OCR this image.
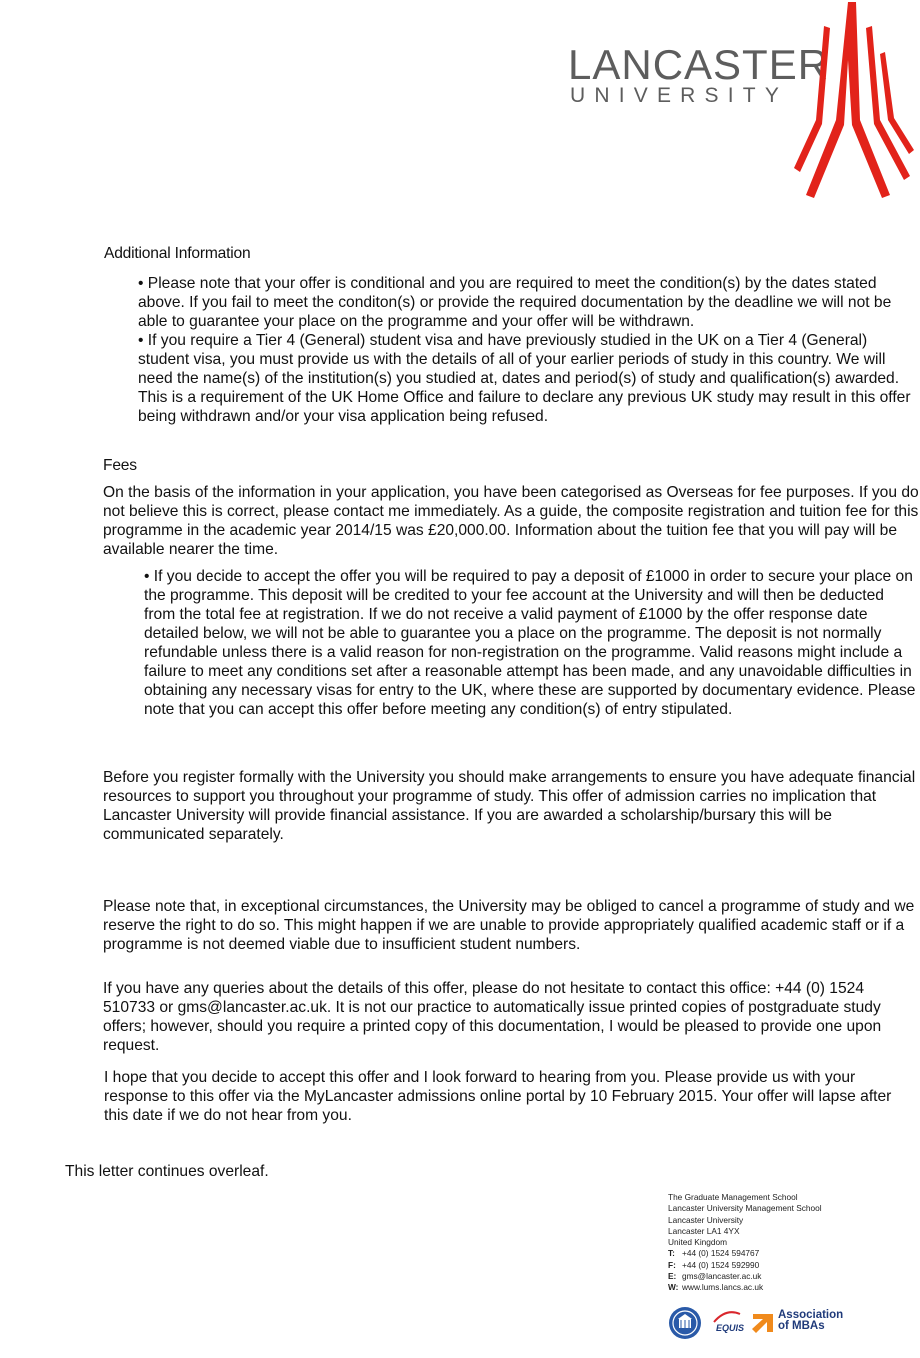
LANCASTER
UNIVERSITY
Additional Information

• Please note that your offer is conditional and you are required to meet the condition(s) by the dates stated above. If you fail to meet the conditon(s) or provide the required documentation by the deadline we will not be able to guarantee your place on the programme and your offer will be withdrawn.

• If you require a Tier 4 (General) student visa and have previously studied in the UK on a Tier 4 (General) student visa, you must provide us with the details of all of your earlier periods of study in this country. We will need the name(s) of the institution(s) you studied at, dates and period(s) of study and qualification(s) awarded. This is a requirement of the UK Home Office and failure to declare any previous UK study may result in this offer being withdrawn and/or your visa application being refused.

Fees

On the basis of the information in your application, you have been categorised as Overseas for fee purposes. If you do not believe this is correct, please contact me immediately. As a guide, the composite registration and tuition fee for this programme in the academic year 2014/15 was £20,000.00. Information about the tuition fee that you will pay will be available nearer the time.

• If you decide to accept the offer you will be required to pay a deposit of £1000 in order to secure your place on the programme. This deposit will be credited to your fee account at the University and will then be deducted from the total fee at registration. If we do not receive a valid payment of £1000 by the offer response date detailed below, we will not be able to guarantee you a place on the programme. The deposit is not normally refundable unless there is a valid reason for non-registration on the programme. Valid reasons might include a failure to meet any conditions set after a reasonable attempt has been made, and any unavoidable difficulties in obtaining any necessary visas for entry to the UK, where these are supported by documentary evidence. Please note that you can accept this offer before meeting any condition(s) of entry stipulated.

Before you register formally with the University you should make arrangements to ensure you have adequate financial resources to support you throughout your programme of study. This offer of admission carries no implication that Lancaster University will provide financial assistance. If you are awarded a scholarship/bursary this will be communicated separately.

Please note that, in exceptional circumstances, the University may be obliged to cancel a programme of study and we reserve the right to do so. This might happen if we are unable to provide appropriately qualified academic staff or if a programme is not deemed viable due to insufficient student numbers.

If you have any queries about the details of this offer, please do not hesitate to contact this office: +44 (0) 1524 510733 or gms@lancaster.ac.uk. It is not our practice to automatically issue printed copies of postgraduate study offers; however, should you require a printed copy of this documentation, I would be pleased to provide one upon request.

I hope that you decide to accept this offer and I look forward to hearing from you. Please provide us with your response to this offer via the MyLancaster admissions online portal by 10 February 2015. Your offer will lapse after this date if we do not hear from you.

This letter continues overleaf.
The Graduate Management School
Lancaster University Management School
Lancaster University
Lancaster LA1 4YX
United Kingdom
T: +44 (0) 1524 594767
F: +44 (0) 1524 592990
E: gms@lancaster.ac.uk
W: www.lums.lancs.ac.uk
EQUIS
Association
of MBAs
